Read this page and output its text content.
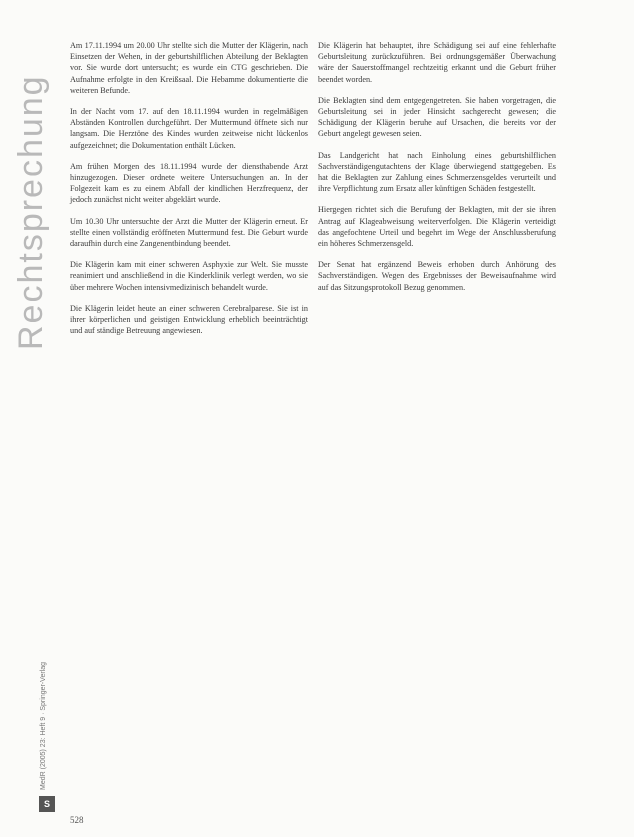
Rechtsprechung
MedR (2005) 23: Heft 9 · Springer-Verlag
S
528

Am 17.11.1994 um 20.00 Uhr stellte sich die Mutter der Klägerin, nach Einsetzen der Wehen, in der geburtshilflichen Abteilung der Beklagten vor. Sie wurde dort untersucht; es wurde ein CTG geschrieben. Die Aufnahme erfolgte in den Kreißsaal. Die Hebamme dokumentierte die weiteren Befunde.

In der Nacht vom 17. auf den 18.11.1994 wurden in regelmäßigen Abständen Kontrollen durchgeführt. Der Muttermund öffnete sich nur langsam. Die Herztöne des Kindes wurden zeitweise nicht lückenlos aufgezeichnet; die Dokumentation enthält Lücken.

Am frühen Morgen des 18.11.1994 wurde der diensthabende Arzt hinzugezogen. Dieser ordnete weitere Untersuchungen an. In der Folgezeit kam es zu einem Abfall der kindlichen Herzfrequenz, der jedoch zunächst nicht weiter abgeklärt wurde.

Um 10.30 Uhr untersuchte der Arzt die Mutter der Klägerin erneut. Er stellte einen vollständig eröffneten Muttermund fest. Die Geburt wurde daraufhin durch eine Zangenentbindung beendet.

Die Klägerin kam mit einer schweren Asphyxie zur Welt. Sie musste reanimiert und anschließend in die Kinderklinik verlegt werden, wo sie über mehrere Wochen intensivmedizinisch behandelt wurde.

Die Klägerin leidet heute an einer schweren Cerebralparese. Sie ist in ihrer körperlichen und geistigen Entwicklung erheblich beeinträchtigt und auf ständige Betreuung angewiesen.

Die Klägerin hat behauptet, ihre Schädigung sei auf eine fehlerhafte Geburtsleitung zurückzuführen. Bei ordnungsgemäßer Überwachung wäre der Sauerstoffmangel rechtzeitig erkannt und die Geburt früher beendet worden.

Die Beklagten sind dem entgegengetreten. Sie haben vorgetragen, die Geburtsleitung sei in jeder Hinsicht sachgerecht gewesen; die Schädigung der Klägerin beruhe auf Ursachen, die bereits vor der Geburt angelegt gewesen seien.

Das Landgericht hat nach Einholung eines geburtshilflichen Sachverständigengutachtens der Klage überwiegend stattgegeben. Es hat die Beklagten zur Zahlung eines Schmerzensgeldes verurteilt und ihre Verpflichtung zum Ersatz aller künftigen Schäden festgestellt.

Hiergegen richtet sich die Berufung der Beklagten, mit der sie ihren Antrag auf Klageabweisung weiterverfolgen. Die Klägerin verteidigt das angefochtene Urteil und begehrt im Wege der Anschlussberufung ein höheres Schmerzensgeld.

Der Senat hat ergänzend Beweis erhoben durch Anhörung des Sachverständigen. Wegen des Ergebnisses der Beweisaufnahme wird auf das Sitzungsprotokoll Bezug genommen.
